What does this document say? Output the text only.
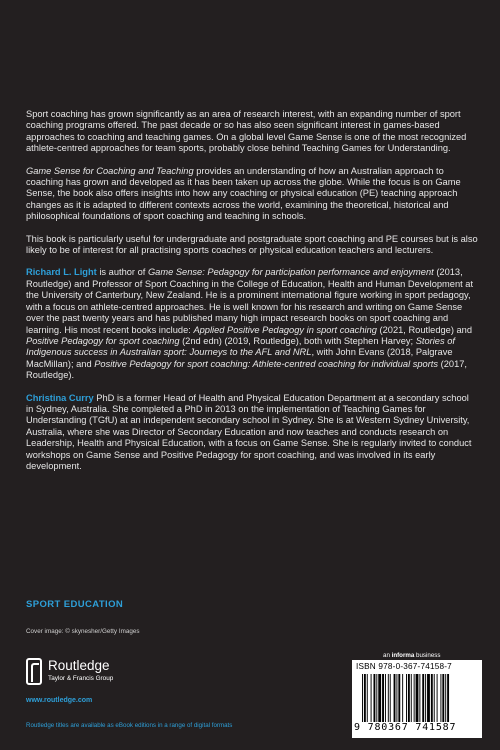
Sport coaching has grown significantly as an area of research interest, with an expanding number of sport coaching programs offered. The past decade or so has also seen significant interest in games-based approaches to coaching and teaching games. On a global level Game Sense is one of the most recognized athlete-centred approaches for team sports, probably close behind Teaching Games for Understanding.

Game Sense for Coaching and Teaching provides an understanding of how an Australian approach to coaching has grown and developed as it has been taken up across the globe. While the focus is on Game Sense, the book also offers insights into how any coaching or physical education (PE) teaching approach changes as it is adapted to different contexts across the world, examining the theoretical, historical and philosophical foundations of sport coaching and teaching in schools.

This book is particularly useful for undergraduate and postgraduate sport coaching and PE courses but is also likely to be of interest for all practising sports coaches or physical education teachers and lecturers.

Richard L. Light is author of Game Sense: Pedagogy for participation performance and enjoyment (2013, Routledge) and Professor of Sport Coaching in the College of Education, Health and Human Development at the University of Canterbury, New Zealand. He is a prominent international figure working in sport pedagogy, with a focus on athlete-centred approaches. He is well known for his research and writing on Game Sense over the past twenty years and has published many high impact research books on sport coaching and learning. His most recent books include: Applied Positive Pedagogy in sport coaching (2021, Routledge) and Positive Pedagogy for sport coaching (2nd edn) (2019, Routledge), both with Stephen Harvey; Stories of Indigenous success in Australian sport: Journeys to the AFL and NRL, with John Evans (2018, Palgrave MacMillan); and Positive Pedagogy for sport coaching: Athlete-centred coaching for individual sports (2017, Routledge).

Christina Curry PhD is a former Head of Health and Physical Education Department at a secondary school in Sydney, Australia. She completed a PhD in 2013 on the implementation of Teaching Games for Understanding (TGfU) at an independent secondary school in Sydney. She is at Western Sydney University, Australia, where she was Director of Secondary Education and now teaches and conducts research on Leadership, Health and Physical Education, with a focus on Game Sense. She is regularly invited to conduct workshops on Game Sense and Positive Pedagogy for sport coaching, and was involved in its early development.

SPORT EDUCATION
Cover image: © skynesher/Getty Images
Routledge
Taylor & Francis Group
www.routledge.com
Routledge titles are available as eBook editions in a range of digital formats
an informa business
ISBN 978-0-367-74158-7
9 780367 741587
